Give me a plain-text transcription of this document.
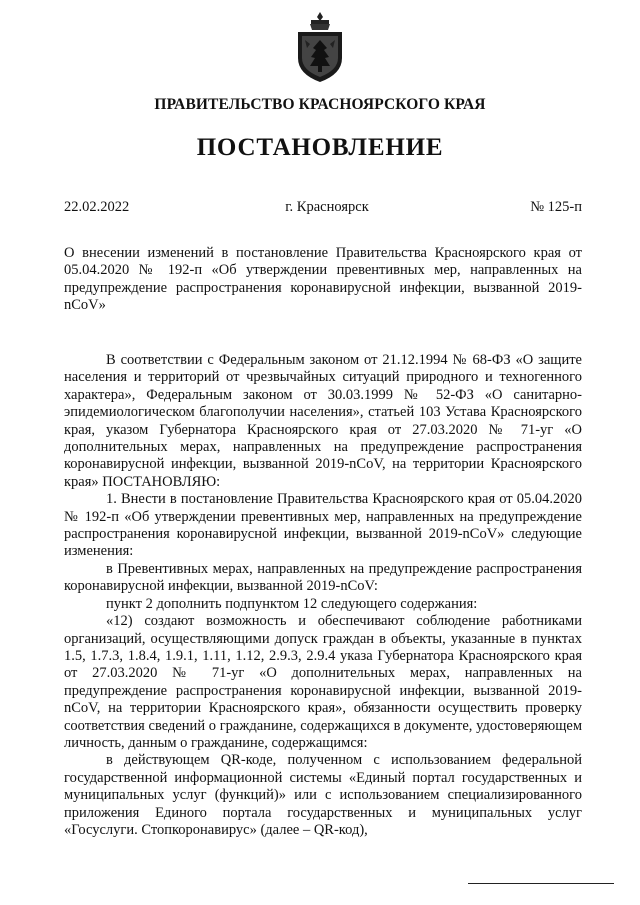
ПРАВИТЕЛЬСТВО КРАСНОЯРСКОГО КРАЯ
ПОСТАНОВЛЕНИЕ
22.02.2022	г. Красноярск	№ 125-п
О внесении изменений в постановление Правительства Красноярского края от 05.04.2020 № 192-п «Об утверждении превентивных мер, направленных на предупреждение распространения коронавирусной инфекции, вызванной 2019-nCoV»

В соответствии с Федеральным законом от 21.12.1994 № 68-ФЗ «О защите населения и территорий от чрезвычайных ситуаций природного и техногенного характера», Федеральным законом от 30.03.1999 № 52-ФЗ «О санитарно-эпидемиологическом благополучии населения», статьей 103 Устава Красноярского края, указом Губернатора Красноярского края от 27.03.2020 № 71-уг «О дополнительных мерах, направленных на предупреждение распространения коронавирусной инфекции, вызванной 2019-nCoV, на территории Красноярского края» ПОСТАНОВЛЯЮ:

1. Внести в постановление Правительства Красноярского края от 05.04.2020 № 192-п «Об утверждении превентивных мер, направленных на предупреждение распространения коронавирусной инфекции, вызванной 2019-nCoV» следующие изменения:

в Превентивных мерах, направленных на предупреждение распространения коронавирусной инфекции, вызванной 2019-nCoV:

пункт 2 дополнить подпунктом 12 следующего содержания:

«12) создают возможность и обеспечивают соблюдение работниками организаций, осуществляющими допуск граждан в объекты, указанные в пунктах 1.5, 1.7.3, 1.8.4, 1.9.1, 1.11, 1.12, 2.9.3, 2.9.4 указа Губернатора Красноярского края от 27.03.2020 № 71-уг «О дополнительных мерах, направленных на предупреждение распространения коронавирусной инфекции, вызванной 2019-nCoV, на территории Красноярского края», обязанности осуществить проверку соответствия сведений о гражданине, содержащихся в документе, удостоверяющем личность, данным о гражданине, содержащимся:

в действующем QR-коде, полученном с использованием федеральной государственной информационной системы «Единый портал государственных и муниципальных услуг (функций)» или с использованием специализированного приложения Единого портала государственных и муниципальных услуг «Госуслуги. Стопкоронавирус» (далее – QR-код),
